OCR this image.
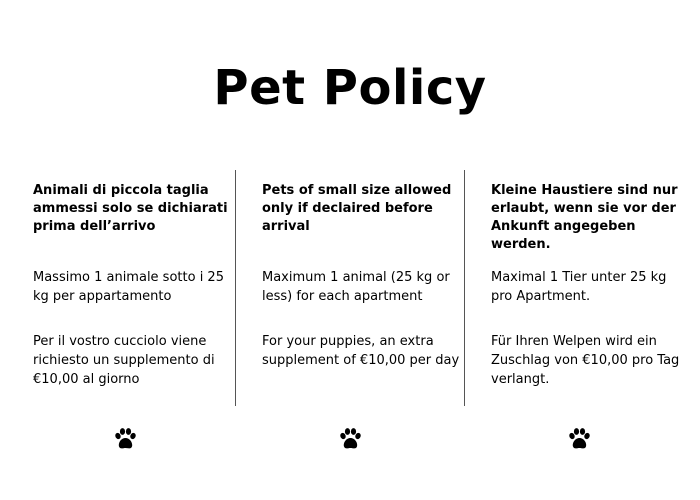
Pet Policy

Animali di piccola taglia ammessi solo se dichiarati prima dell’arrivo

Massimo 1 animale sotto i 25 kg per appartamento

Per il vostro cucciolo viene richiesto un supplemento di €10,00 al giorno

Pets of small size allowed only if declaired before arrival

Maximum 1 animal (25 kg or less) for each apartment

For your puppies, an extra supplement of €10,00 per day

Kleine Haustiere sind nur erlaubt, wenn sie vor der Ankunft angegeben werden.

Maximal 1 Tier unter 25 kg pro Apartment.

Für Ihren Welpen wird ein Zuschlag von €10,00 pro Tag verlangt.
